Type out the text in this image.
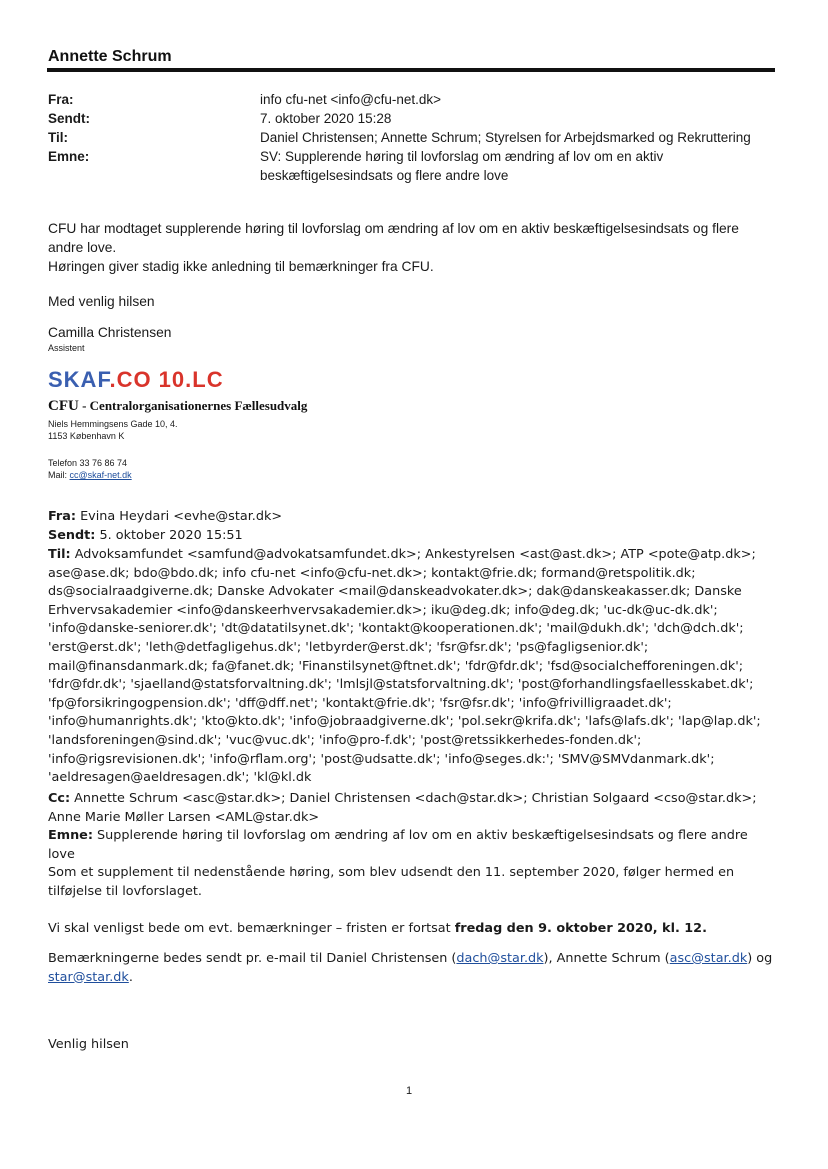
Annette Schrum
Fra:	info cfu-net <info@cfu-net.dk>
Sendt:	7. oktober 2020 15:28
Til:	Daniel Christensen; Annette Schrum; Styrelsen for Arbejdsmarked og Rekruttering
Emne:	SV: Supplerende høring til lovforslag om ændring af lov om en aktiv beskæftigelsesindsats og flere andre love
CFU har modtaget supplerende høring til lovforslag om ændring af lov om en aktiv beskæftigelsesindsats og flere andre love.
Høringen giver stadig ikke anledning til bemærkninger fra CFU.
Med venlig hilsen
Camilla Christensen
Assistent
SKAF.CO 10.LC
CFU - Centralorganisationernes Fællesudvalg
Niels Hemmingsens Gade 10, 4.
1153 København K
Telefon 33 76 86 74
Mail: cc@skaf-net.dk
Fra: Evina Heydari <evhe@star.dk>
Sendt: 5. oktober 2020 15:51
Til: Advoksamfundet <samfund@advokatsamfundet.dk>; Ankestyrelsen <ast@ast.dk>; ATP <pote@atp.dk>; ase@ase.dk; bdo@bdo.dk; info cfu-net <info@cfu-net.dk>; kontakt@frie.dk; formand@retspolitik.dk; ds@socialraadgiverne.dk; Danske Advokater <mail@danskeadvokater.dk>; dak@danskeakasser.dk; Danske Erhvervsakademier <info@danskeerhvervsakademier.dk>; iku@deg.dk; info@deg.dk; 'uc-dk@uc-dk.dk'; 'info@danske-seniorer.dk'; 'dt@datatilsynet.dk'; 'kontakt@kooperationen.dk'; 'mail@dukh.dk'; 'dch@dch.dk'; 'erst@erst.dk'; 'leth@detfagligehus.dk'; 'letbyrder@erst.dk'; 'fsr@fsr.dk'; 'ps@fagligsenior.dk'; mail@finansdanmark.dk; fa@fanet.dk; 'Finanstilsynet@ftnet.dk'; 'fdr@fdr.dk'; 'fsd@socialchefforeningen.dk'; 'fdr@fdr.dk'; 'sjaelland@statsforvaltning.dk'; 'lmlsjl@statsforvaltning.dk'; 'post@forhandlingsfaellesskabet.dk'; 'fp@forsikringogpension.dk'; 'dff@dff.net'; 'kontakt@frie.dk'; 'fsr@fsr.dk'; 'info@frivilligraadet.dk'; 'info@humanrights.dk'; 'kto@kto.dk'; 'info@jobraadgiverne.dk'; 'pol.sekr@krifa.dk'; 'lafs@lafs.dk'; 'lap@lap.dk'; 'landsforeningen@sind.dk'; 'vuc@vuc.dk'; 'info@pro-f.dk'; 'post@retssikkerhedes-fonden.dk'; 'info@rigsrevisionen.dk'; 'info@rflam.org'; 'post@udsatte.dk'; 'info@seges.dk:'; 'SMV@SMVdanmark.dk'; 'aeldresagen@aeldresagen.dk'; 'kl@kl.dk
Cc: Annette Schrum <asc@star.dk>; Daniel Christensen <dach@star.dk>; Christian Solgaard <cso@star.dk>; Anne Marie Møller Larsen <AML@star.dk>
Emne: Supplerende høring til lovforslag om ændring af lov om en aktiv beskæftigelsesindsats og flere andre love
Som et supplement til nedenstående høring, som blev udsendt den 11. september 2020, følger hermed en tilføjelse til lovforslaget.
Vi skal venligst bede om evt. bemærkninger – fristen er fortsat fredag den 9. oktober 2020, kl. 12.
Bemærkningerne bedes sendt pr. e-mail til Daniel Christensen (dach@star.dk), Annette Schrum (asc@star.dk) og star@star.dk.
Venlig hilsen
1
